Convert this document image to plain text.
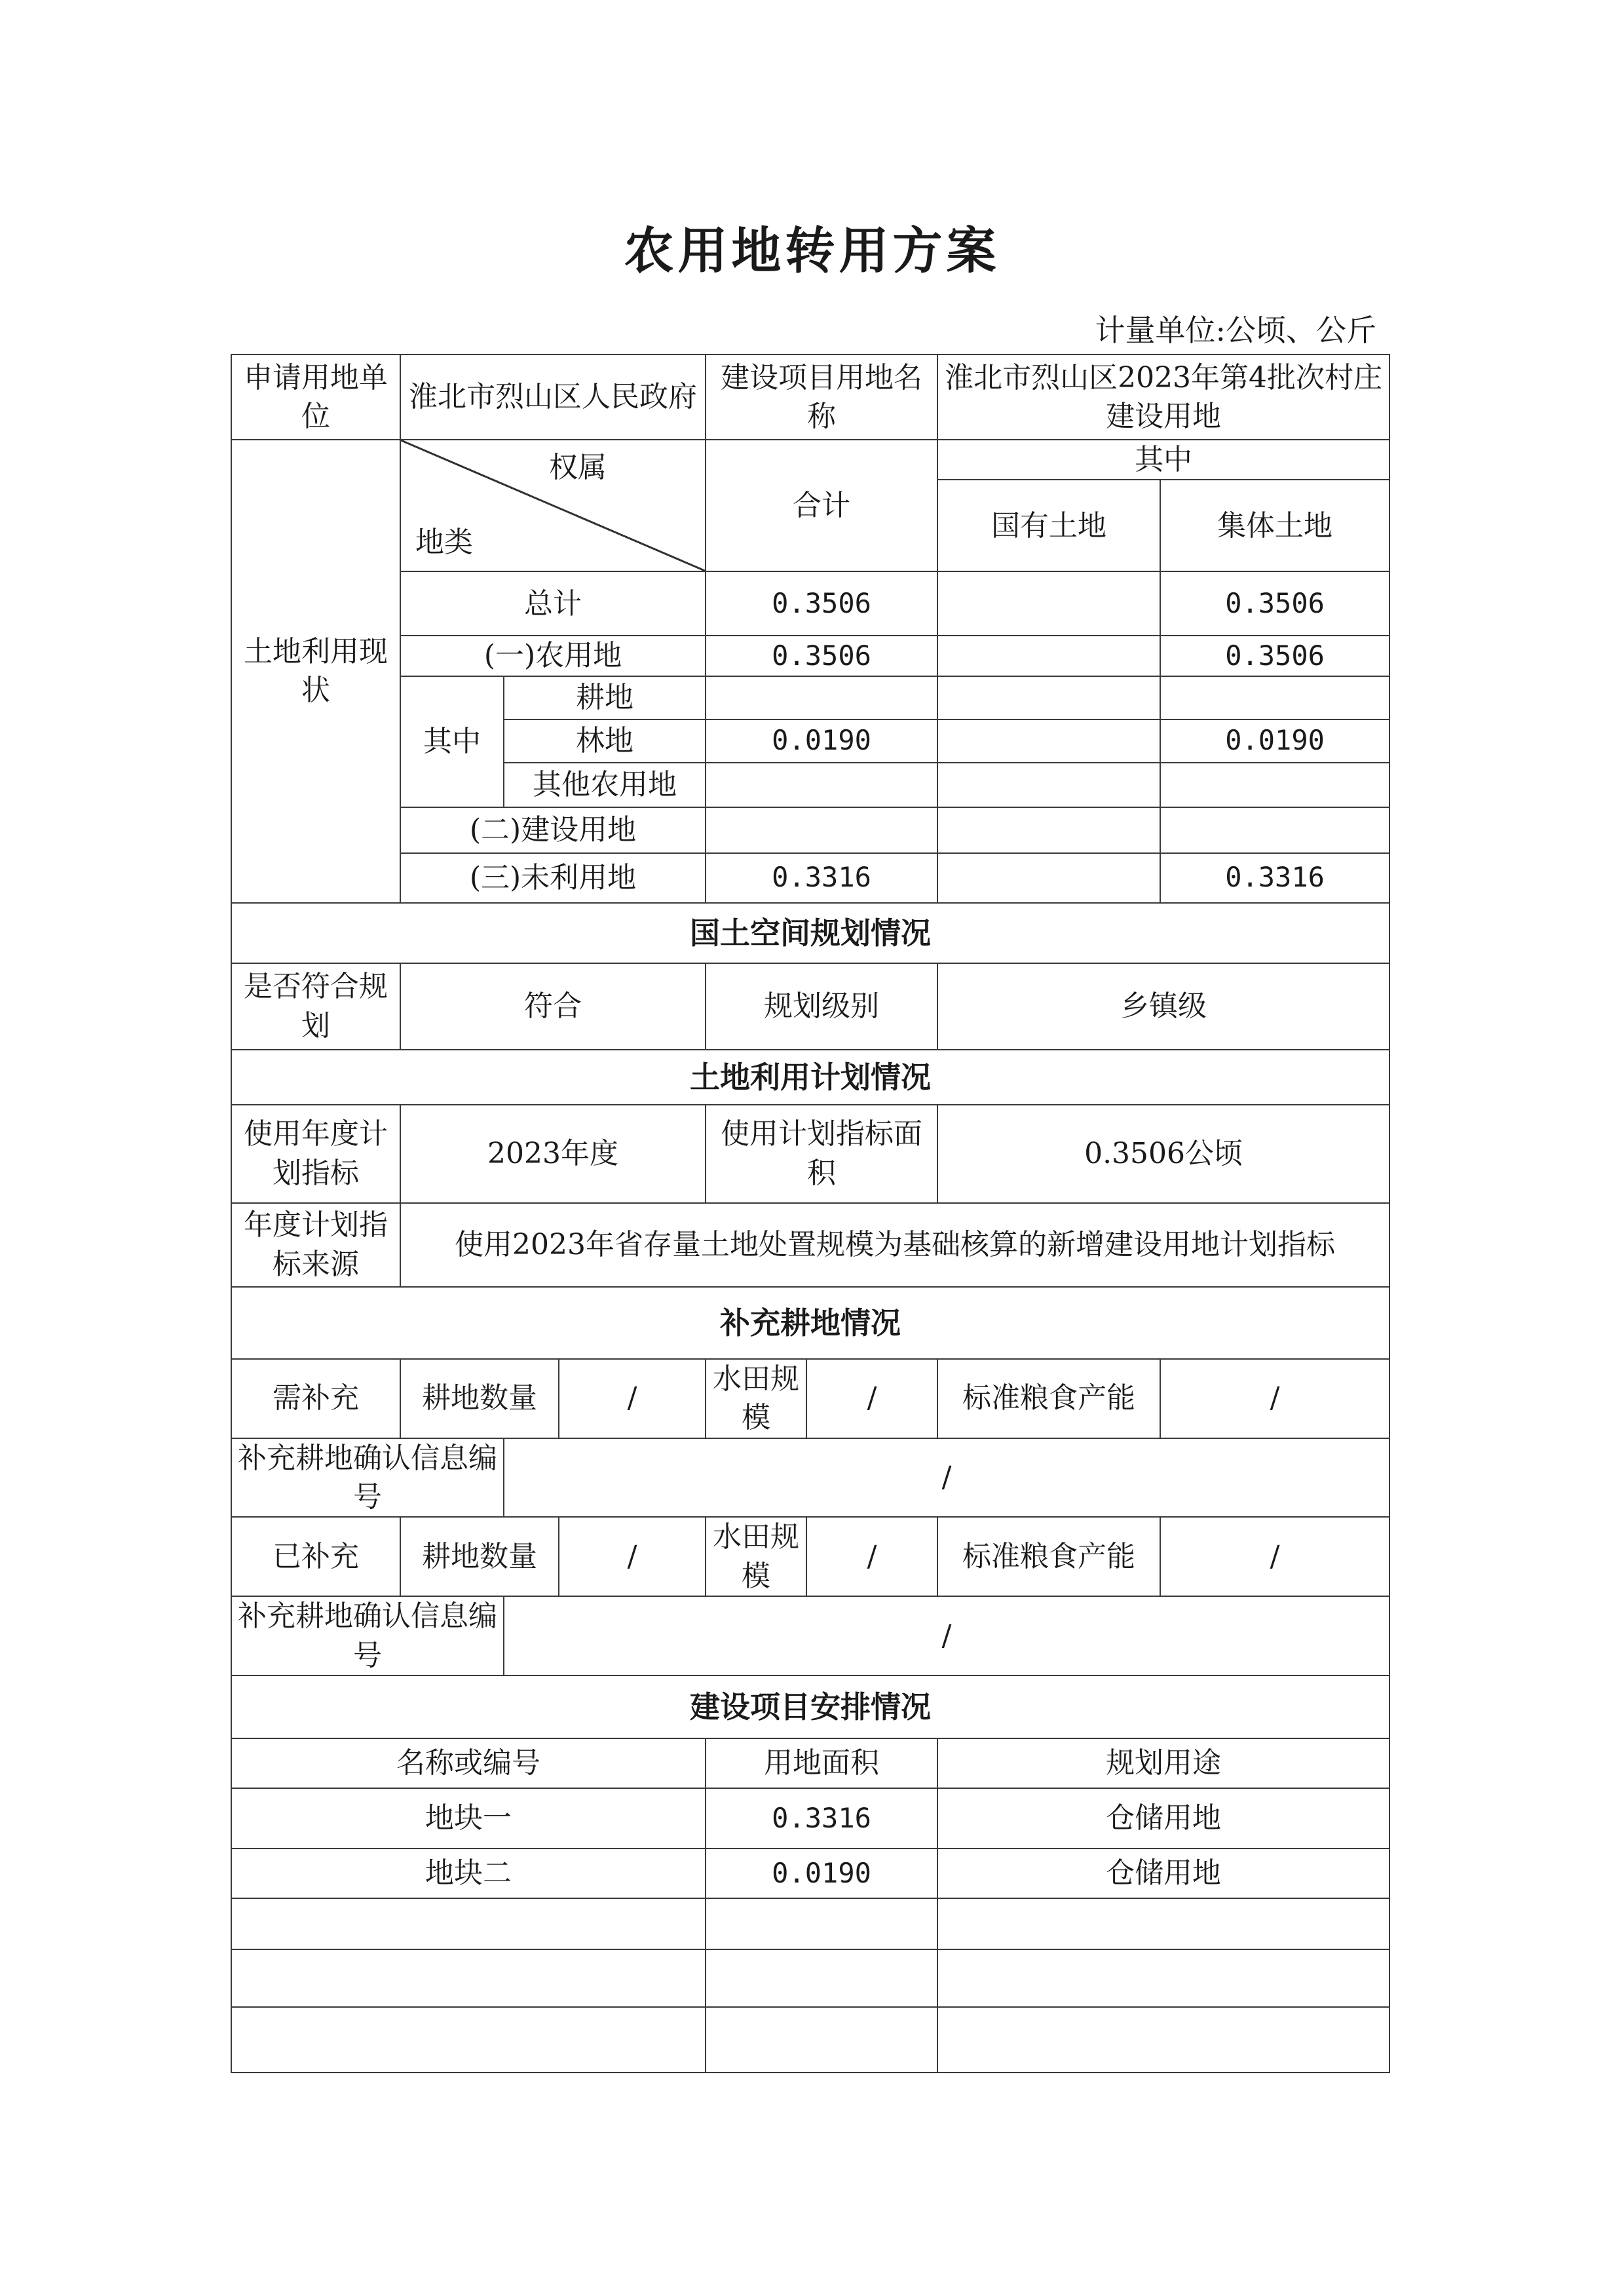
农用地转用方案
计量单位:公顷、公斤
申请用地单位	淮北市烈山区人民政府			建设项目用地名称		淮北市烈山区2023年第4批次村庄建设用地	
土地利用现状	权属
地类			合计		其中	
						国有土地	集体土地
	总计			0.3506			0.3506
	(一)农用地			0.3506			0.3506
	其中	耕地					
		林地		0.0190			0.0190
		其他农用地					
	(二)建设用地						
	(三)未利用地			0.3316			0.3316
国土空间规划情况							
是否符合规划	符合			规划级别		乡镇级	
土地利用计划情况							
使用年度计划指标	2023年度			使用计划指标面积		0.3506公顷	
年度计划指标来源	使用2023年省存量土地处置规模为基础核算的新增建设用地计划指标						
补充耕地情况							
需补充	耕地数量		/	水田规模	/	标准粮食产能	/
补充耕地确认信息编号		/					
已补充	耕地数量		/	水田规模	/	标准粮食产能	/
补充耕地确认信息编号		/					
建设项目安排情况							
名称或编号				用地面积		规划用途	
地块一				0.3316		仓储用地	
地块二				0.0190		仓储用地	
